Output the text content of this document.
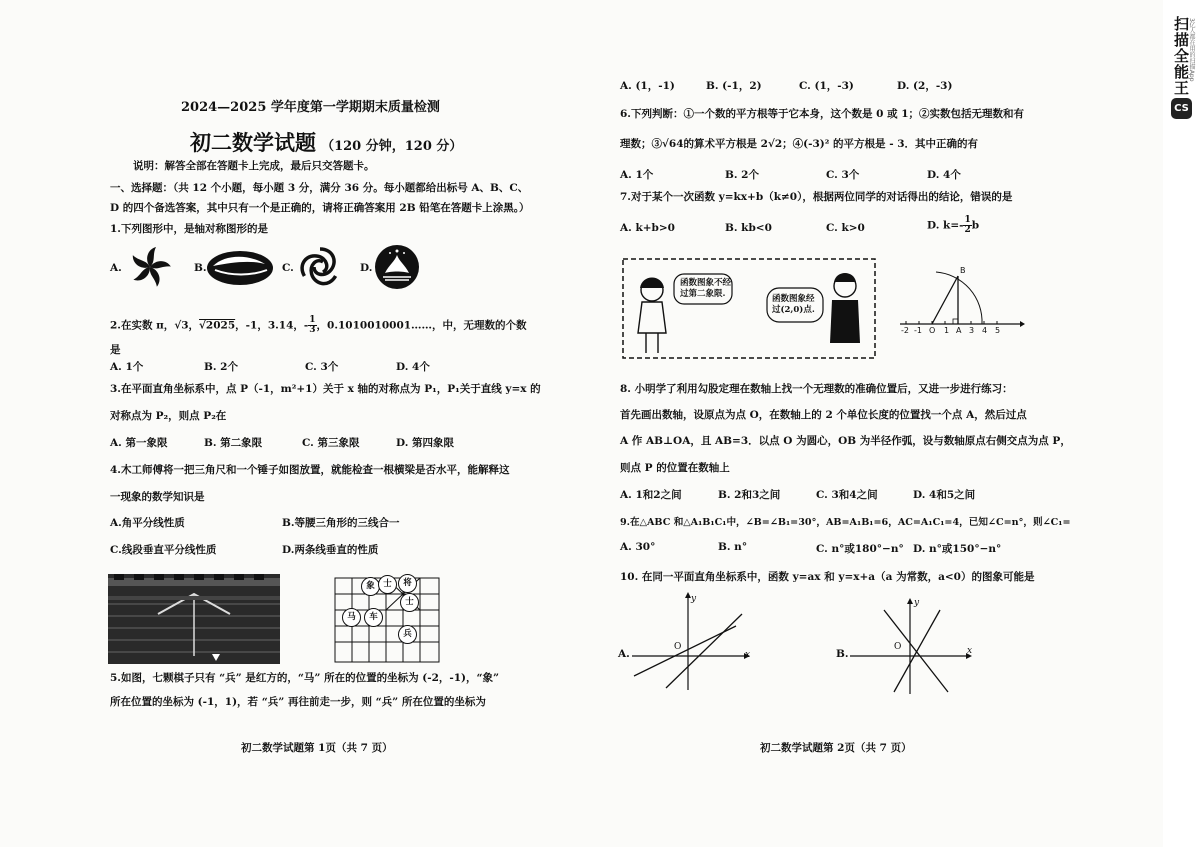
2024—2025 学年度第一学期期末质量检测
初二数学试题 （120 分钟，120 分）
说明：解答全部在答题卡上完成，最后只交答题卡。
一、选择题：（共 12 个小题，每小题 3 分，满分 36 分。每小题都给出标号 A、B、C、
D 的四个备选答案，其中只有一个是正确的，请将正确答案用 2B 铅笔在答题卡上涂黑。）
1.下列图形中，是轴对称图形的是
A.	B.	C.	D.
2.在实数 π，√3，√2025，-1，3.14，- $\frac{1}{3}$ ，0.1010010001……，中，无理数的个数
是
A. 1个	B. 2个	C. 3个	D. 4个
3.在平面直角坐标系中，点 P（-1，m²+1）关于 x 轴的对称点为 P₁，P₁关于直线 y=x 的
对称点为 P₂，则点 P₂在
A. 第一象限	B. 第二象限	C. 第三象限	D. 第四象限
4.木工师傅将一把三角尺和一个锤子如图放置，就能检查一根横梁是否水平，能解释这
一现象的数学知识是
A.角平分线性质	B.等腰三角形的三线合一
C.线段垂直平分线性质	D.两条线垂直的性质
象 士	将
士
马	车
兵
5.如图，七颗棋子只有 “兵” 是红方的，“马” 所在的位置的坐标为 (-2，-1)，“象”
所在位置的坐标为 (-1，1)，若 “兵” 再往前走一步，则 “兵” 所在位置的坐标为
初二数学试题第 1页（共 7 页）
A. (1，-1)	B. (-1，2)	C. (1，-3)	D. (2，-3)
6.下列判断：①一个数的平方根等于它本身，这个数是 0 或 1；②实数包括无理数和有
理数；③√64的算术平方根是 2√2；④(-3)² 的平方根是 - 3．其中正确的有
A. 1个	B. 2个	C. 3个	D. 4个
7.对于某个一次函数 y=kx+b（k≠0），根据两位同学的对话得出的结论，错误的是
A. k+b>0	B. kb<0	C. k>0	D. $k=- \frac{1}{2}$ b
函数图象不经
过第二象限.	函数图象经
过(2,0)点.
-2 -1 O 1 A 3 4 5
B
8. 小明学了利用勾股定理在数轴上找一个无理数的准确位置后，又进一步进行练习：
首先画出数轴，设原点为点 O，在数轴上的 2 个单位长度的位置找一个点 A，然后过点
A 作 AB⊥OA，且 AB=3．以点 O 为圆心，OB 为半径作弧，设与数轴原点右侧交点为点 P，
则点 P 的位置在数轴上
A. 1和2之间	B. 2和3之间	C. 3和4之间	D. 4和5之间
9.在△ABC 和△A₁B₁C₁中，∠B=∠B₁=30°，AB=A₁B₁=6，AC=A₁C₁=4，已知∠C=n°，则∠C₁=
A. 30°	B. n°	C. n°或180°−n° D. n°或150°−n°
10. 在同一平面直角坐标系中，函数 y=ax 和 y=x+a（a 为常数，a<0）的图象可能是
A.
y
x
O
B.
y
x
O
初二数学试题第 2页（共 7 页）
CS
扫描全能王
3亿人都在用的扫描App
